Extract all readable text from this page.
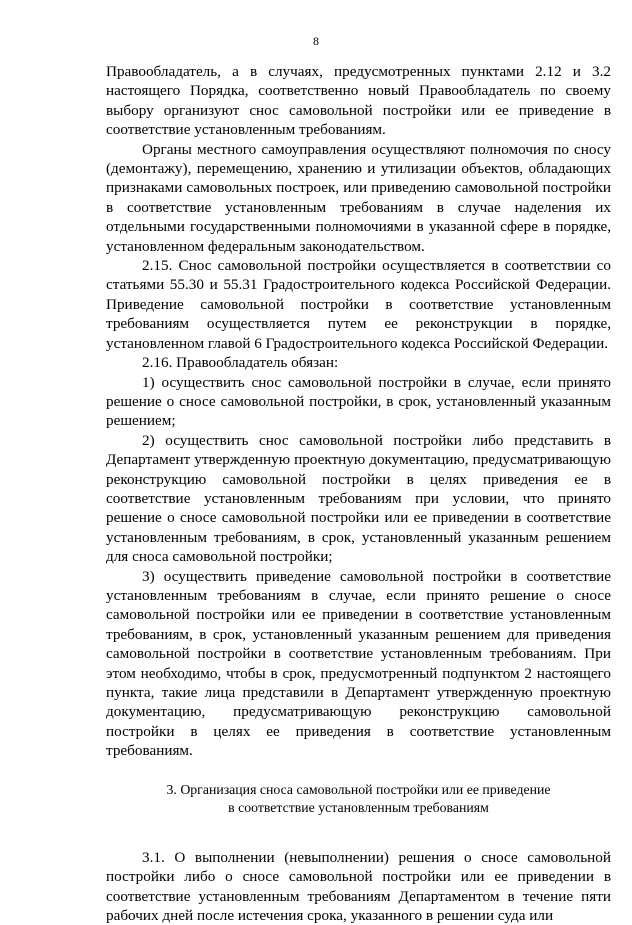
8

Правообладатель, а в случаях, предусмотренных пунктами 2.12 и 3.2 настоящего Порядка, соответственно новый Правообладатель по своему выбору организуют снос самовольной постройки или ее приведение в соответствие установленным требованиям.

Органы местного самоуправления осуществляют полномочия по сносу (демонтажу), перемещению, хранению и утилизации объектов, обладающих признаками самовольных построек, или приведению самовольной постройки в соответствие установленным требованиям в случае наделения их отдельными государственными полномочиями в указанной сфере в порядке, установленном федеральным законодательством.

2.15. Снос самовольной постройки осуществляется в соответствии со статьями 55.30 и 55.31 Градостроительного кодекса Российской Федерации. Приведение самовольной постройки в соответствие установленным требованиям осуществляется путем ее реконструкции в порядке, установленном главой 6 Градостроительного кодекса Российской Федерации.

2.16. Правообладатель обязан:

1) осуществить снос самовольной постройки в случае, если принято решение о сносе самовольной постройки, в срок, установленный указанным решением;

2) осуществить снос самовольной постройки либо представить в Департамент утвержденную проектную документацию, предусматривающую реконструкцию самовольной постройки в целях приведения ее в соответствие установленным требованиям при условии, что принято решение о сносе самовольной постройки или ее приведении в соответствие установленным требованиям, в срок, установленный указанным решением для сноса самовольной постройки;

3) осуществить приведение самовольной постройки в соответствие установленным требованиям в случае, если принято решение о сносе самовольной постройки или ее приведении в соответствие установленным требованиям, в срок, установленный указанным решением для приведения самовольной постройки в соответствие установленным требованиям. При этом необходимо, чтобы в срок, предусмотренный подпунктом 2 настоящего пункта, такие лица представили в Департамент утвержденную проектную документацию, предусматривающую реконструкцию самовольной постройки в целях ее приведения в соответствие установленным требованиям.

3. Организация сноса самовольной постройки или ее приведение
в соответствие установленным требованиям

3.1. О выполнении (невыполнении) решения о сносе самовольной постройки либо о сносе самовольной постройки или ее приведении в соответствие установленным требованиям Департаментом в течение пяти рабочих дней после истечения срока, указанного в решении суда или
